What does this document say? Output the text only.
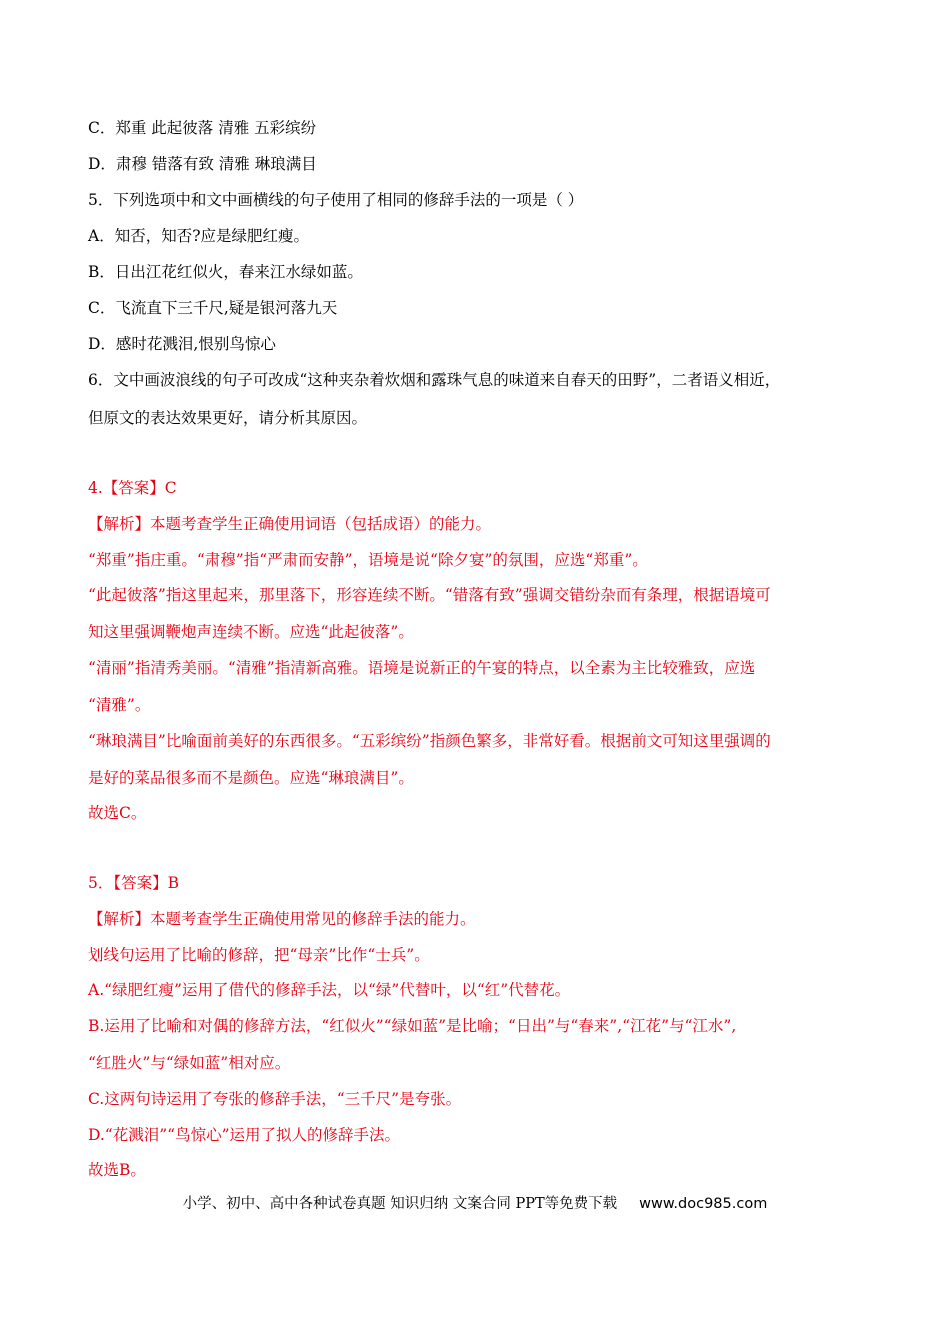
C．郑重 此起彼落 清雅 五彩缤纷
D．肃穆 错落有致 清雅 琳琅满目
5．下列选项中和文中画横线的句子使用了相同的修辞手法的一项是（ ）
A．知否，知否?应是绿肥红瘦。
B．日出江花红似火，春来江水绿如蓝。
C．飞流直下三千尺,疑是银河落九天
D．感时花溅泪,恨别鸟惊心
6．文中画波浪线的句子可改成“这种夹杂着炊烟和露珠气息的味道来自春天的田野”，二者语义相近，
但原文的表达效果更好，请分析其原因。
4.【答案】C
【解析】本题考查学生正确使用词语（包括成语）的能力。
“郑重”指庄重。“肃穆”指“严肃而安静”，语境是说“除夕宴”的氛围，应选“郑重”。
“此起彼落”指这里起来，那里落下，形容连续不断。“错落有致”强调交错纷杂而有条理，根据语境可
知这里强调鞭炮声连续不断。应选“此起彼落”。
“清丽”指清秀美丽。“清雅”指清新高雅。语境是说新正的午宴的特点，以全素为主比较雅致，应选
“清雅”。
“琳琅满目”比喻面前美好的东西很多。“五彩缤纷”指颜色繁多，非常好看。根据前文可知这里强调的
是好的菜品很多而不是颜色。应选“琳琅满目”。
故选C。
5．【答案】B
【解析】本题考查学生正确使用常见的修辞手法的能力。
划线句运用了比喻的修辞，把“母亲”比作“士兵”。
A.“绿肥红瘦”运用了借代的修辞手法，以“绿”代替叶，以“红”代替花。
B.运用了比喻和对偶的修辞方法，“红似火”“绿如蓝”是比喻；“日出”与“春来”,“江花”与“江水”,
“红胜火”与“绿如蓝”相对应。
C.这两句诗运用了夸张的修辞手法，“三千尺”是夸张。
D.“花溅泪”“鸟惊心”运用了拟人的修辞手法。
故选B。
小学、初中、高中各种试卷真题 知识归纳 文案合同 PPT等免费下载 www.doc985.com
